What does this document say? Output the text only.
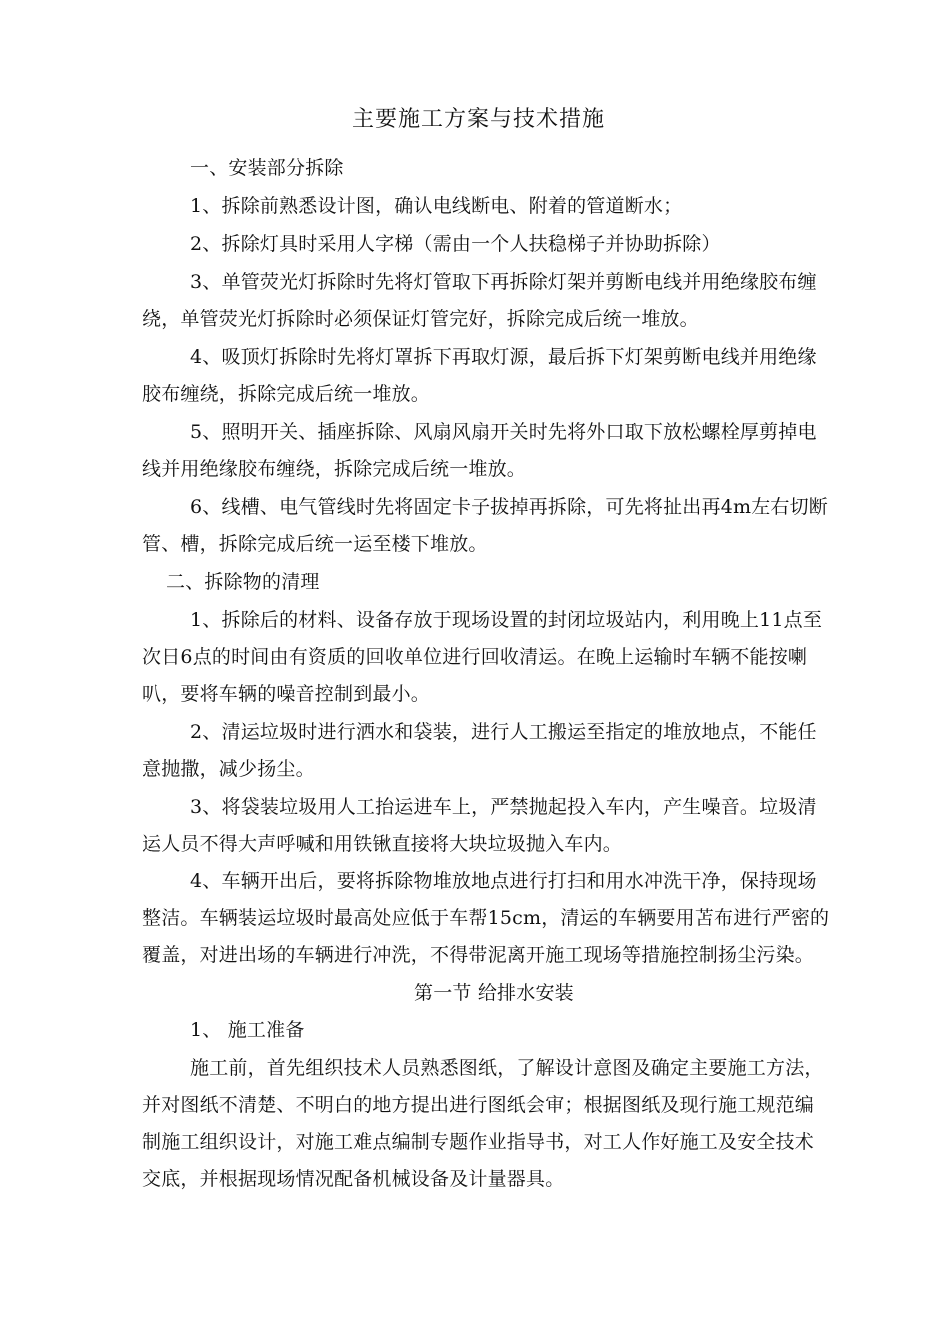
主要施工方案与技术措施
一、安装部分拆除
1、拆除前熟悉设计图，确认电线断电、附着的管道断水；
2、拆除灯具时采用人字梯（需由一个人扶稳梯子并协助拆除）
3、单管荧光灯拆除时先将灯管取下再拆除灯架并剪断电线并用绝缘胶布缠
绕，单管荧光灯拆除时必须保证灯管完好，拆除完成后统一堆放。
4、吸顶灯拆除时先将灯罩拆下再取灯源，最后拆下灯架剪断电线并用绝缘
胶布缠绕，拆除完成后统一堆放。
5、照明开关、插座拆除、风扇风扇开关时先将外口取下放松螺栓厚剪掉电
线并用绝缘胶布缠绕，拆除完成后统一堆放。
6、线槽、电气管线时先将固定卡子拔掉再拆除，可先将扯出再4m左右切断
管、槽，拆除完成后统一运至楼下堆放。
二、拆除物的清理
1、拆除后的材料、设备存放于现场设置的封闭垃圾站内，利用晚上11点至
次日6点的时间由有资质的回收单位进行回收清运。在晚上运输时车辆不能按喇
叭，要将车辆的噪音控制到最小。
2、清运垃圾时进行洒水和袋装，进行人工搬运至指定的堆放地点，不能任
意抛撒，减少扬尘。
3、将袋装垃圾用人工抬运进车上，严禁抛起投入车内，产生噪音。垃圾清
运人员不得大声呼喊和用铁锹直接将大块垃圾抛入车内。
4、车辆开出后，要将拆除物堆放地点进行打扫和用水冲洗干净，保持现场
整洁。车辆装运垃圾时最高处应低于车帮15cm，清运的车辆要用苫布进行严密的
覆盖，对进出场的车辆进行冲洗，不得带泥离开施工现场等措施控制扬尘污染。
第一节 给排水安装
1、 施工准备
施工前，首先组织技术人员熟悉图纸，了解设计意图及确定主要施工方法，
并对图纸不清楚、不明白的地方提出进行图纸会审；根据图纸及现行施工规范编
制施工组织设计，对施工难点编制专题作业指导书，对工人作好施工及安全技术
交底，并根据现场情况配备机械设备及计量器具。
